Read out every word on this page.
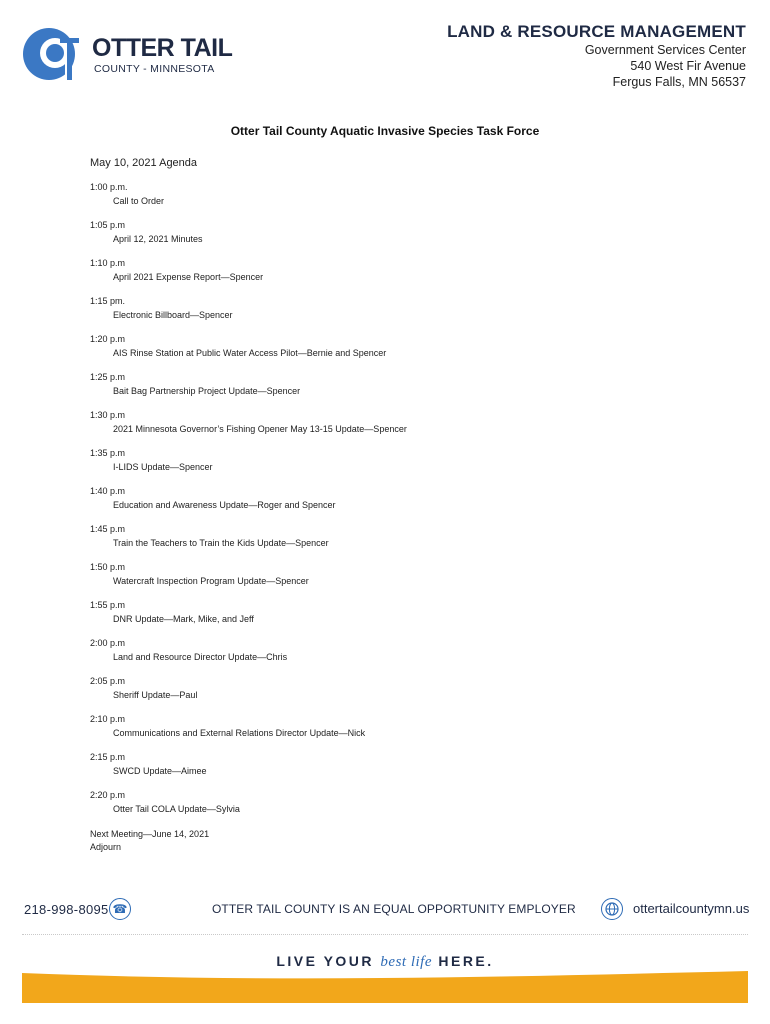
OTTER TAIL
COUNTY - MINNESOTA
LAND & RESOURCE MANAGEMENT
Government Services Center
540 West Fir Avenue
Fergus Falls, MN 56537
Otter Tail County Aquatic Invasive Species Task Force
May 10, 2021 Agenda
1:00 p.m.
Call to Order
1:05 p.m
April 12, 2021 Minutes
1:10 p.m
April 2021 Expense Report—Spencer
1:15 pm.
Electronic Billboard—Spencer
1:20 p.m
AIS Rinse Station at Public Water Access Pilot—Bernie and Spencer
1:25 p.m
Bait Bag Partnership Project Update—Spencer
1:30 p.m
2021 Minnesota Governor’s Fishing Opener May 13-15 Update—Spencer
1:35 p.m
I-LIDS Update—Spencer
1:40 p.m
Education and Awareness Update—Roger and Spencer
1:45 p.m
Train the Teachers to Train the Kids Update—Spencer
1:50 p.m
Watercraft Inspection Program Update—Spencer
1:55 p.m
DNR Update—Mark, Mike, and Jeff
2:00 p.m
Land and Resource Director Update—Chris
2:05 p.m
Sheriff Update—Paul
2:10 p.m
Communications and External Relations Director Update—Nick
2:15 p.m
SWCD Update—Aimee
2:20 p.m
Otter Tail COLA Update—Sylvia
Next Meeting—June 14, 2021
Adjourn
218-998-8095 ☎	OTTER TAIL COUNTY IS AN EQUAL OPPORTUNITY EMPLOYER	ottertailcountymn.us
LIVE YOUR best life HERE.
